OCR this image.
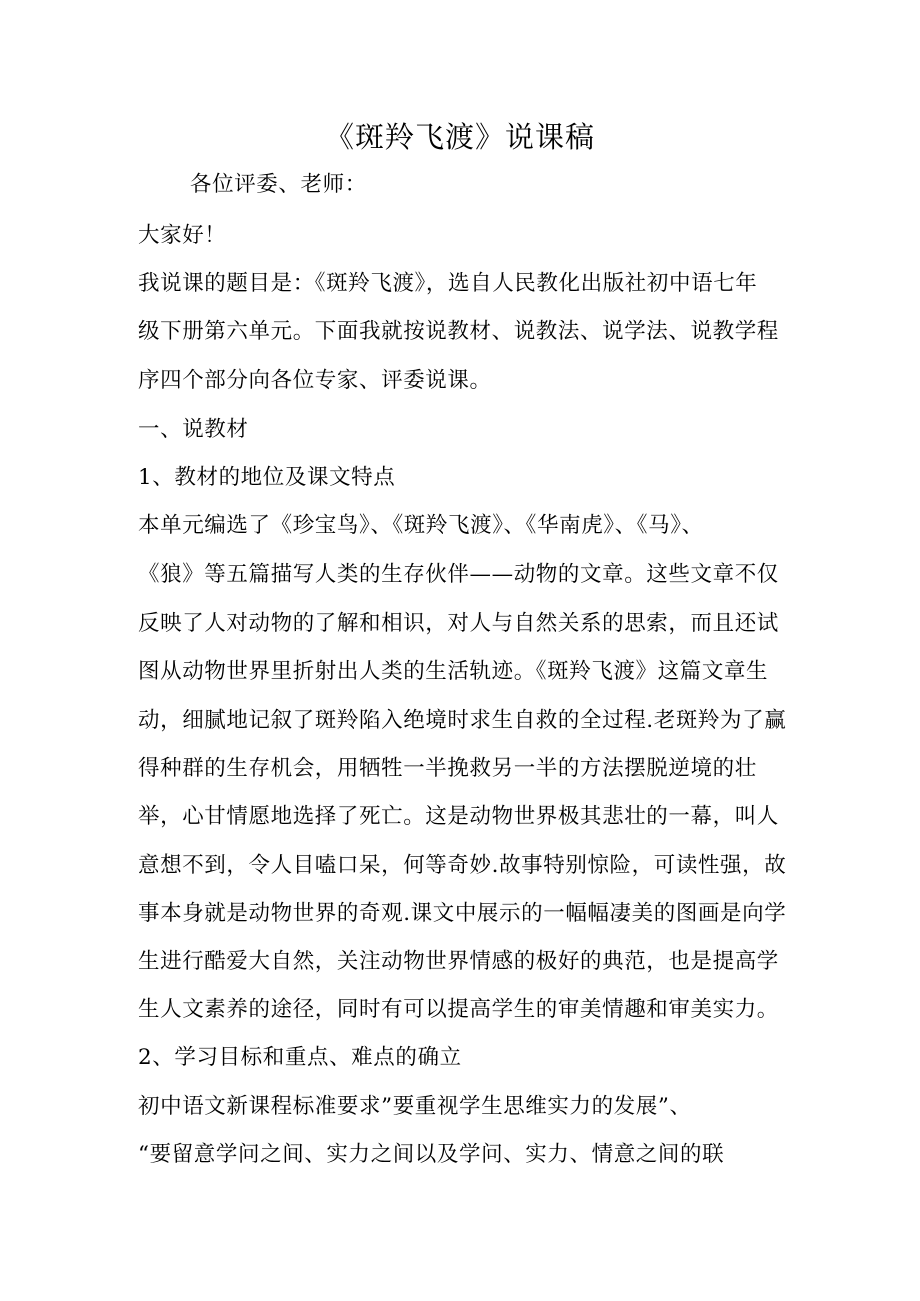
《斑羚飞渡》说课稿
各位评委、老师：
大家好！
我说课的题目是：《斑羚飞渡》，选自人民教化出版社初中语七年
级下册第六单元。下面我就按说教材、说教法、说学法、说教学程
序四个部分向各位专家、评委说课。
一、说教材
1、教材的地位及课文特点
本单元编选了《珍宝鸟》、《斑羚飞渡》、《华南虎》、《马》、
《狼》等五篇描写人类的生存伙伴——动物的文章。这些文章不仅
反映了人对动物的了解和相识，对人与自然关系的思索，而且还试
图从动物世界里折射出人类的生活轨迹。《斑羚飞渡》这篇文章生
动，细腻地记叙了斑羚陷入绝境时求生自救的全过程.老斑羚为了赢
得种群的生存机会，用牺牲一半挽救另一半的方法摆脱逆境的壮
举，心甘情愿地选择了死亡。这是动物世界极其悲壮的一幕，叫人
意想不到，令人目嗑口呆，何等奇妙.故事特别惊险，可读性强，故
事本身就是动物世界的奇观.课文中展示的一幅幅凄美的图画是向学
生进行酷爱大自然，关注动物世界情感的极好的典范，也是提高学
生人文素养的途径，同时有可以提高学生的审美情趣和审美实力。
2、学习目标和重点、难点的确立
初中语文新课程标准要求”要重视学生思维实力的发展”、
“要留意学问之间、实力之间以及学问、实力、情意之间的联
